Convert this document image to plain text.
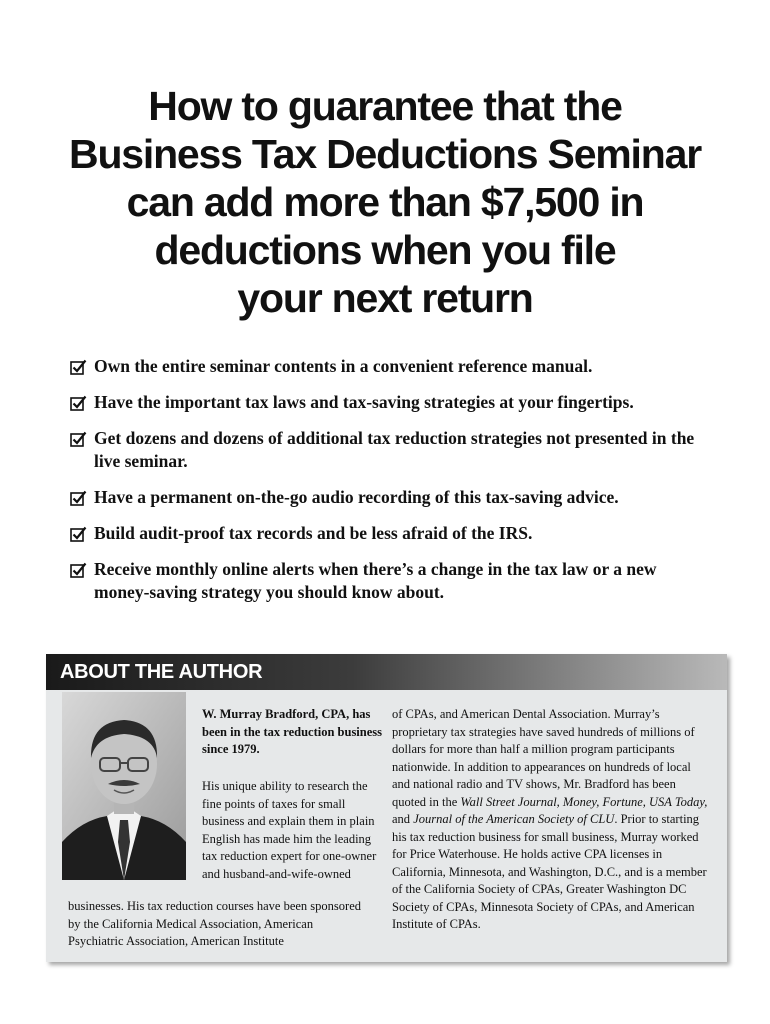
How to guarantee that the
Business Tax Deductions Seminar
can add more than $7,500 in
deductions when you file
your next return
Own the entire seminar contents in a convenient reference manual.
Have the important tax laws and tax-saving strategies at your fingertips.
Get dozens and dozens of additional tax reduction strategies not presented in the live seminar.
Have a permanent on-the-go audio recording of this tax-saving advice.
Build audit-proof tax records and be less afraid of the IRS.
Receive monthly online alerts when there’s a change in the tax law or a new money-saving strategy you should know about.
ABOUT THE AUTHOR

W. Murray Bradford, CPA, has been in the tax reduction business since 1979.

His unique ability to research the fine points of taxes for small business and explain them in plain English has made him the leading tax reduction expert for one-owner and husband-and-wife-owned

businesses. His tax reduction courses have been sponsored by the California Medical Association, American Psychiatric Association, American Institute

of CPAs, and American Dental Association. Murray’s proprietary tax strategies have saved hundreds of millions of dollars for more than half a million program participants nationwide. In addition to appearances on hundreds of local and national radio and TV shows, Mr. Bradford has been quoted in the Wall Street Journal, Money, Fortune, USA Today, and Journal of the American Society of CLU. Prior to starting his tax reduction business for small business, Murray worked for Price Waterhouse. He holds active CPA licenses in California, Minnesota, and Washington, D.C., and is a member of the California Society of CPAs, Greater Washington DC Society of CPAs, Minnesota Society of CPAs, and American Institute of CPAs.
